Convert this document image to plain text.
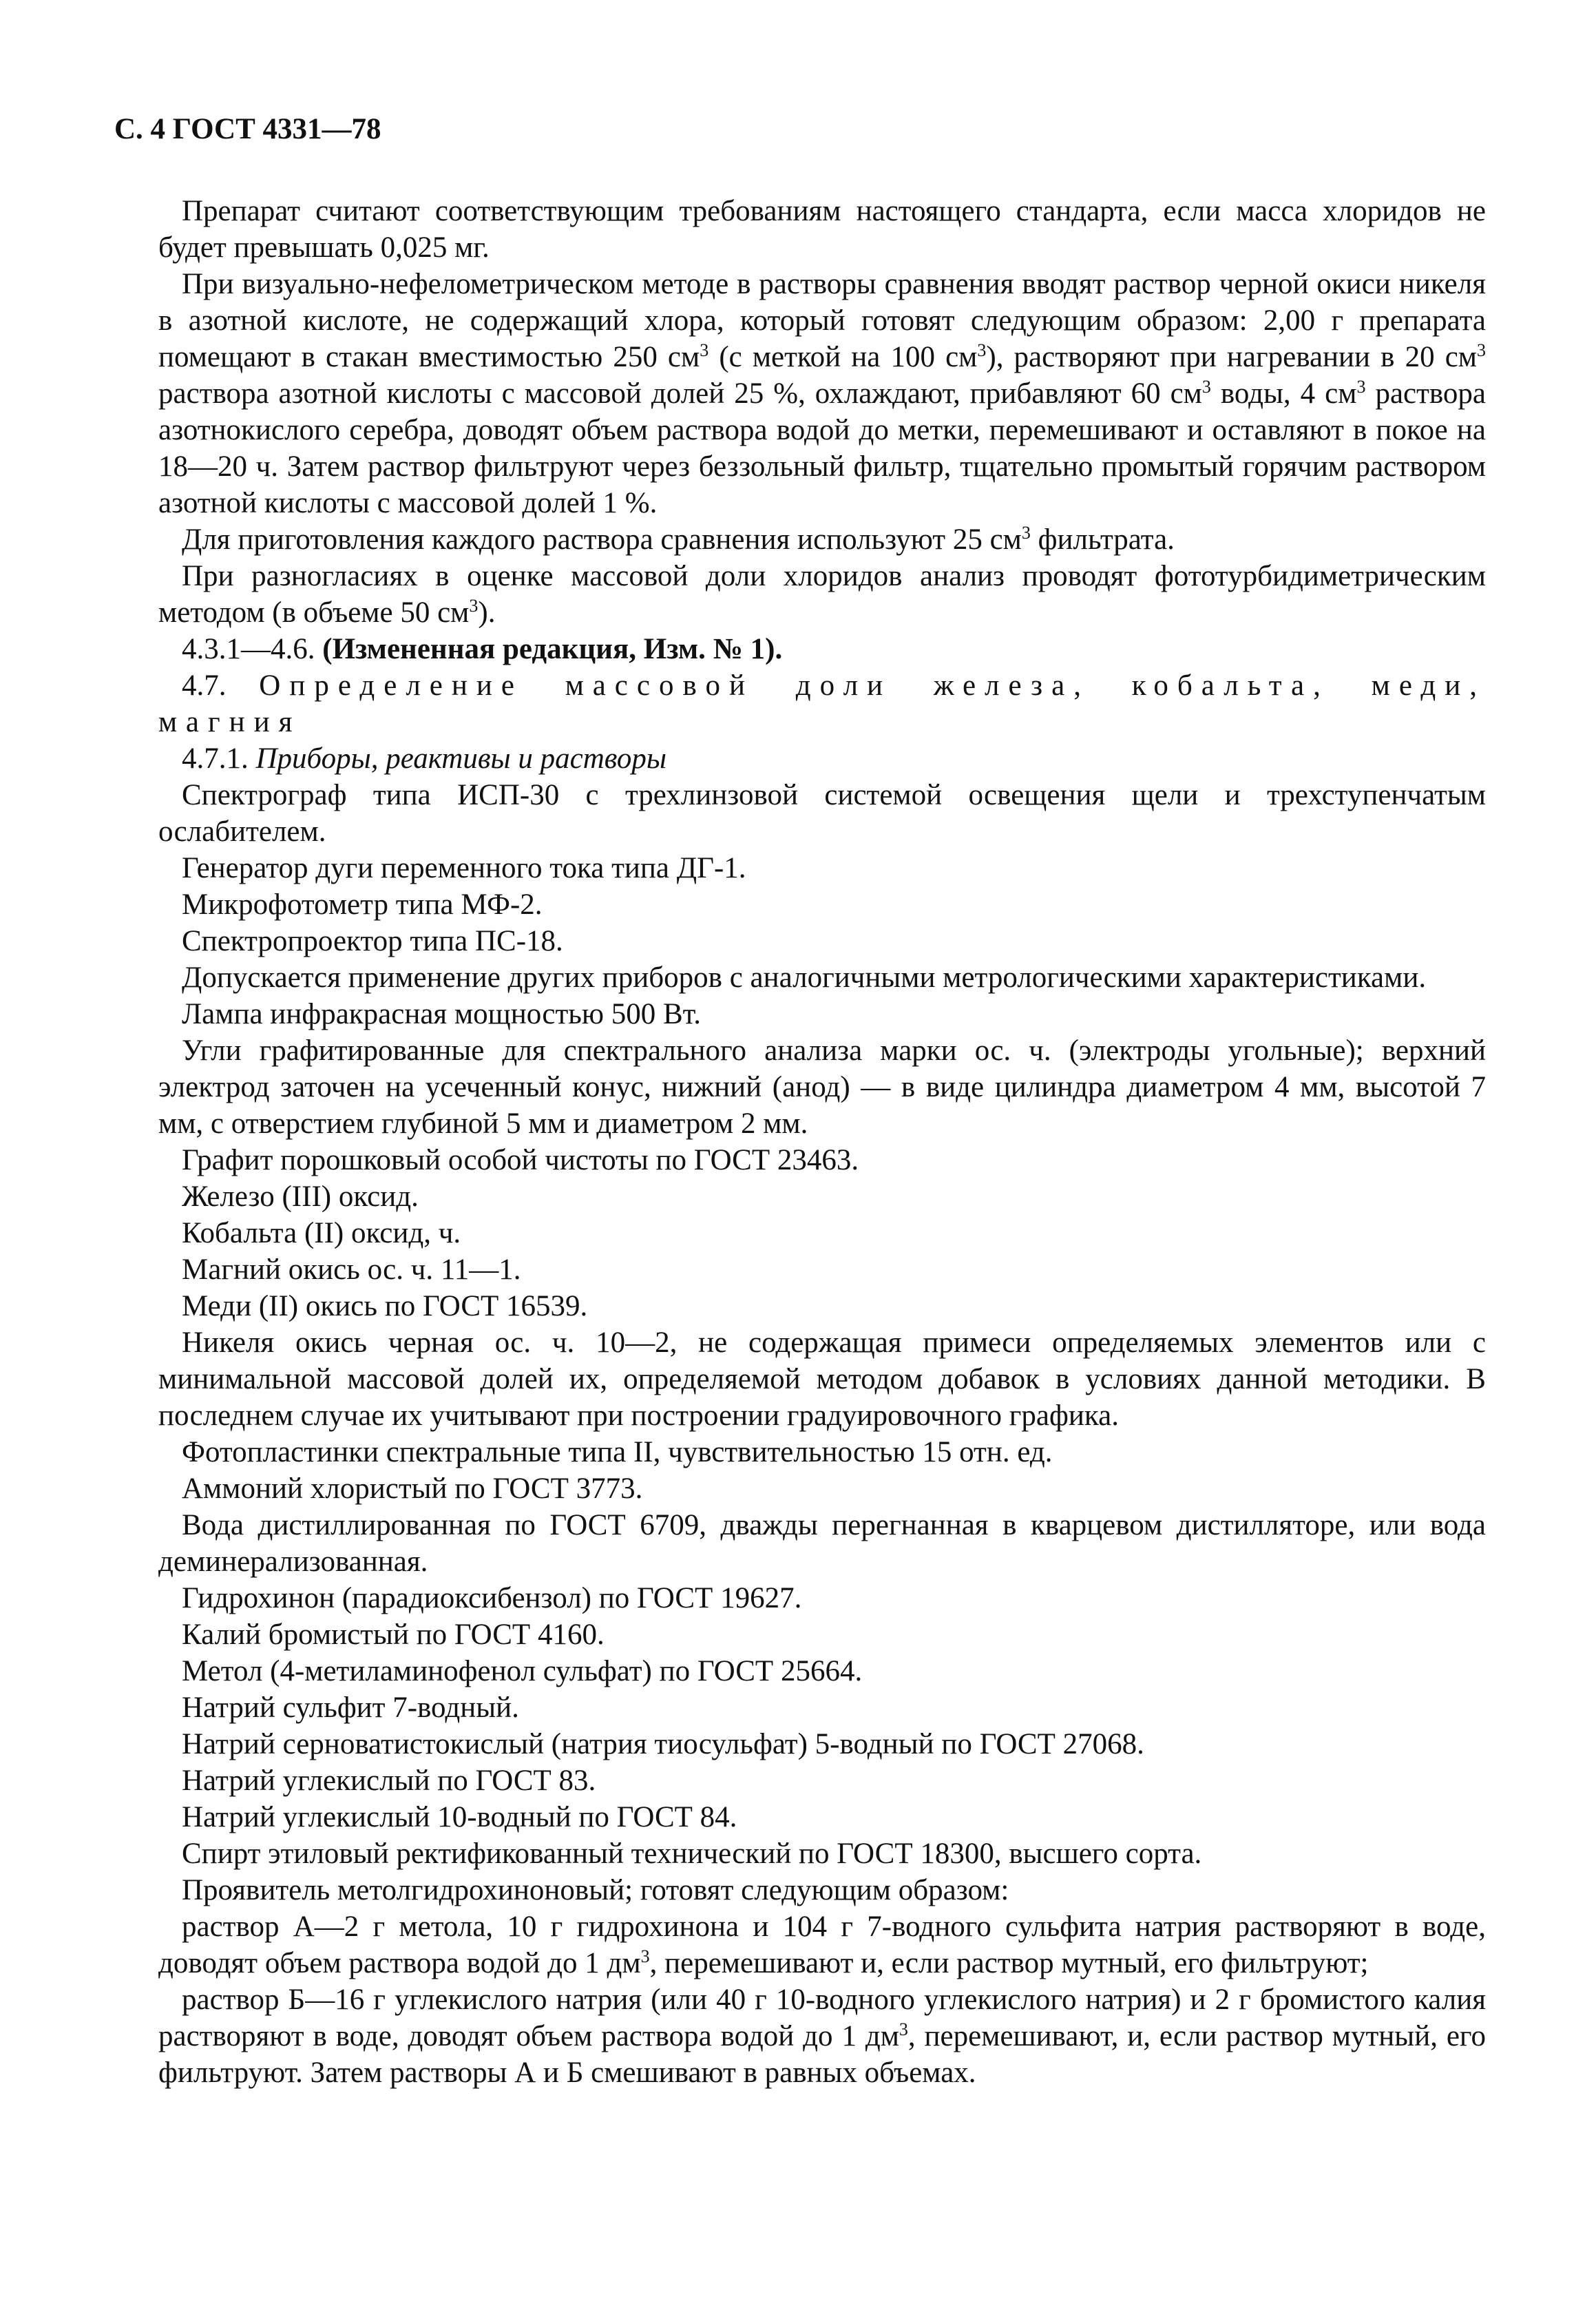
С. 4 ГОСТ 4331—78

Препарат считают соответствующим требованиям настоящего стандарта, если масса хлоридов не будет превышать 0,025 мг.

При визуально-нефелометрическом методе в растворы сравнения вводят раствор черной окиси никеля в азотной кислоте, не содержащий хлора, который готовят следующим образом: 2,00 г препарата помещают в стакан вместимостью 250 $см^3$ (с меткой на 100 $см^3$), растворяют при нагревании в 20 $см^3$ раствора азотной кислоты с массовой долей 25 %, охлаждают, прибавляют 60 $см^3$ воды, 4 $см^3$ раствора азотнокислого серебра, доводят объем раствора водой до метки, перемешивают и оставляют в покое на 18—20 ч. Затем раствор фильтруют через беззольный фильтр, тщательно промытый горячим раствором азотной кислоты с массовой долей 1 %.

Для приготовления каждого раствора сравнения используют 25 $см^3$ фильтрата.

При разногласиях в оценке массовой доли хлоридов анализ проводят фототурбидиметрическим методом (в объеме 50 $см^3$).

4.3.1—4.6. (Измененная редакция, Изм. № 1).

4.7. Определение массовой доли железа, кобальта, меди, магния

4.7.1. Приборы, реактивы и растворы

Спектрограф типа ИСП-30 с трехлинзовой системой освещения щели и трехступенчатым ослабителем.

Генератор дуги переменного тока типа ДГ-1.

Микрофотометр типа МФ-2.

Спектропроектор типа ПС-18.

Допускается применение других приборов с аналогичными метрологическими характеристиками.

Лампа инфракрасная мощностью 500 Вт.

Угли графитированные для спектрального анализа марки ос. ч. (электроды угольные); верхний электрод заточен на усеченный конус, нижний (анод) — в виде цилиндра диаметром 4 мм, высотой 7 мм, с отверстием глубиной 5 мм и диаметром 2 мм.

Графит порошковый особой чистоты по ГОСТ 23463.

Железо (III) оксид.

Кобальта (II) оксид, ч.

Магний окись ос. ч. 11—1.

Меди (II) окись по ГОСТ 16539.

Никеля окись черная ос. ч. 10—2, не содержащая примеси определяемых элементов или с минимальной массовой долей их, определяемой методом добавок в условиях данной методики. В последнем случае их учитывают при построении градуировочного графика.

Фотопластинки спектральные типа II, чувствительностью 15 отн. ед.

Аммоний хлористый по ГОСТ 3773.

Вода дистиллированная по ГОСТ 6709, дважды перегнанная в кварцевом дистилляторе, или вода деминерализованная.

Гидрохинон (парадиоксибензол) по ГОСТ 19627.

Калий бромистый по ГОСТ 4160.

Метол (4-метиламинофенол сульфат) по ГОСТ 25664.

Натрий сульфит 7-водный.

Натрий серноватистокислый (натрия тиосульфат) 5-водный по ГОСТ 27068.

Натрий углекислый по ГОСТ 83.

Натрий углекислый 10-водный по ГОСТ 84.

Спирт этиловый ректификованный технический по ГОСТ 18300, высшего сорта.

Проявитель метолгидрохиноновый; готовят следующим образом:

раствор А—2 г метола, 10 г гидрохинона и 104 г 7-водного сульфита натрия растворяют в воде, доводят объем раствора водой до 1 $дм^3$, перемешивают и, если раствор мутный, его фильтруют;

раствор Б—16 г углекислого натрия (или 40 г 10-водного углекислого натрия) и 2 г бромистого калия растворяют в воде, доводят объем раствора водой до 1 $дм^3$, перемешивают, и, если раствор мутный, его фильтруют. Затем растворы А и Б смешивают в равных объемах.
